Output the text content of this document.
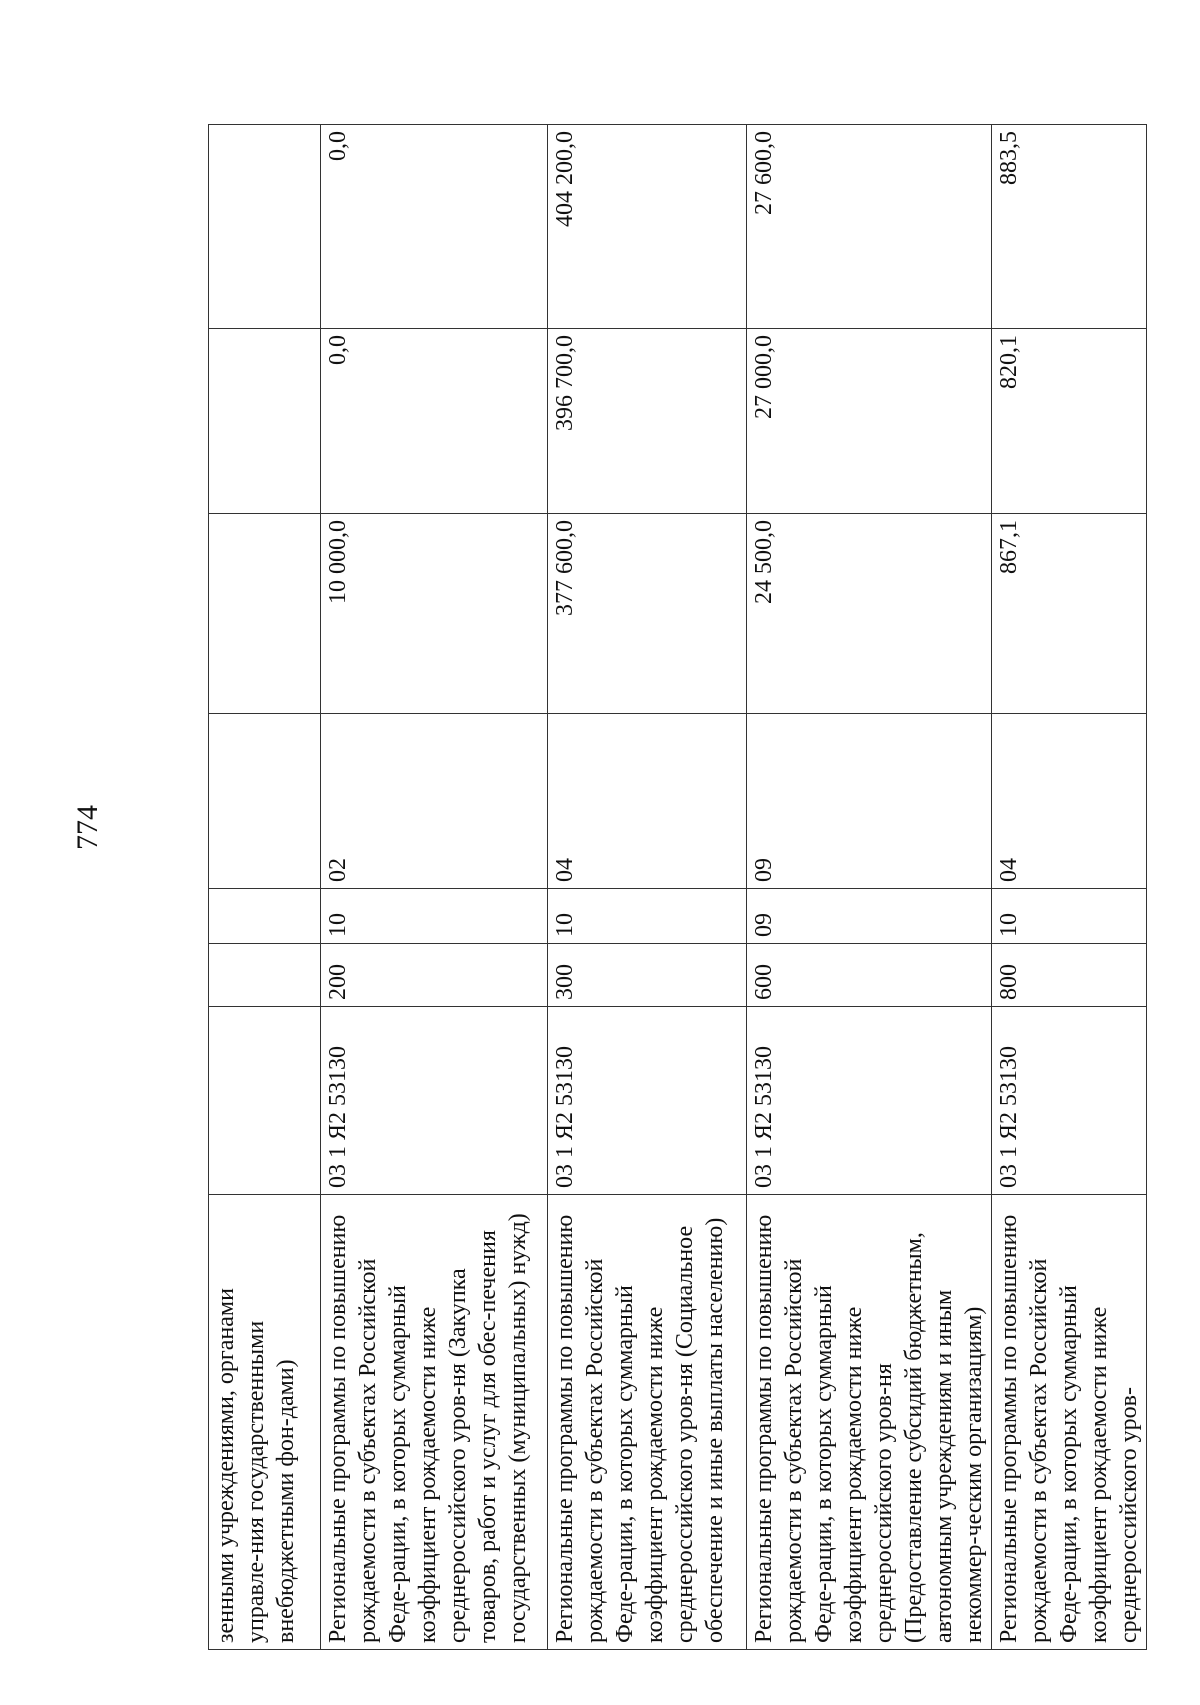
774
зенными учреждениями, органами управле-ния государственными внебюджетными фон-дами)							
Региональные программы по повышению рождаемости в субъектах Российской Феде-рации, в которых суммарный коэффициент рождаемости ниже среднероссийского уров-ня (Закупка товаров, работ и услуг для обес-печения государственных (муниципальных) нужд)	03 1 Я2 53130	200	10	02	10 000,0	0,0	0,0
Региональные программы по повышению рождаемости в субъектах Российской Феде-рации, в которых суммарный коэффициент рождаемости ниже среднероссийского уров-ня (Социальное обеспечение и иные выплаты населению)	03 1 Я2 53130	300	10	04	377 600,0	396 700,0	404 200,0
Региональные программы по повышению рождаемости в субъектах Российской Феде-рации, в которых суммарный коэффициент рождаемости ниже среднероссийского уров-ня (Предоставление субсидий бюджетным, автономным учреждениям и иным некоммер-ческим организациям)	03 1 Я2 53130	600	09	09	24 500,0	27 000,0	27 600,0
Региональные программы по повышению рождаемости в субъектах Российской Феде-рации, в которых суммарный коэффициент рождаемости ниже среднероссийского уров-	03 1 Я2 53130	800	10	04	867,1	820,1	883,5
